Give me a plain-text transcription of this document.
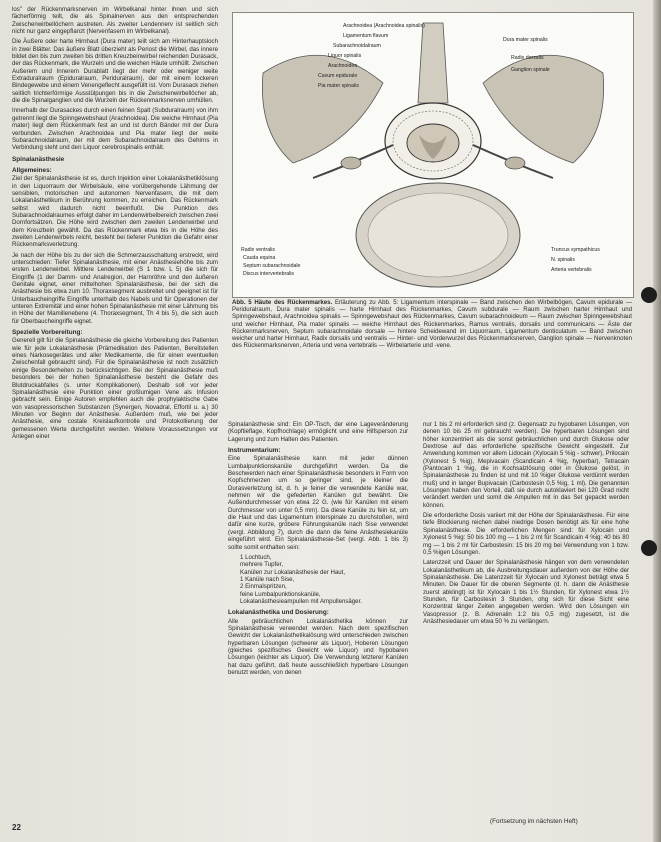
los" der Rückenmarksnerven im Wirbelkanal hinter ihnen und sich fächerförmig teilt, die als Spinalnerven aus den entsprechenden Zwischenwirbellöchern austreten. Als zweiter Lendennerv ist seitlich sich nicht nur ganz eingepflanzt (Nervenfasern im Wirbelkanal).

Die Äußere oder harte Hirnhaut (Dura mater) teilt sich am Hinterhauptsloch in zwei Blätter. Das äußere Blatt überzieht als Periost die Wirbel, das innere bildet den bis zum zweiten bis dritten Kreuzbeinwirbel reichenden Durasack, der das Rückenmark, die Wurzeln und die weichen Häute umhüllt. Zwischen Außerem und Innerem Durablatt liegt der mehr oder weniger weite Extraduralraum (Epiduralraum, Periduralraum), der mit einem lockeren Bindegewebe und einem Venengeflecht ausgefüllt ist. Vom Durasack ziehen seitlich trichterförmige Ausstülpungen bis in die Zwischenwirbellöcher ab, die die Spinalganglien und die Wurzeln der Rückenmarksnerven umhüllen.

Innerhalb der Durasackes durch einen feinen Spalt (Subduralraum) von ihm getrennt liegt die Spinngewebshaut (Arachnoidea). Die weiche Hirnhaut (Pia mater) liegt dem Rückenmark fest an und ist durch Bänder mit der Dura verbunden. Zwischen Arachnoidea und Pia mater liegt der weite Subarachnoidalraum, der mit dem Subarachnoidalraum des Gehirns in Verbindung steht und den Liquor cerebrospinalis enthält.

Spinalanästhesie
Allgemeines:

Ziel der Spinalanästhesie ist es, durch Injektion einer Lokalanästhetiklösung in den Liquorraum der Wirbelsäule, eine vorübergehende Lähmung der sensiblen, motorischen und autonomen Nervenfasern, die mit dem Lokalanästhetikum in Berührung kommen, zu erreichen. Das Rückenmark selbst wird dadurch nicht beeinflußt. Die Punktion des Subarachnoidalraumes erfolgt daher im Lendenwirbelbereich zwischen zwei Dornfortsätzen. Die Höhe wird zwischen dem zweiten Lendenwirbel und dem Kreuzbein gewählt. Da das Rückenmark etwa bis in die Höhe des zweiten Lendenwirbels reicht, besteht bei tieferer Punktion die Gefahr einer Rückenmarksverletzung.

Je nach der Höhe bis zu der sich die Schmerzausschaltung erstreckt, wird unterschieden: Tiefer Spinalanästhesie, mit einer Anästhesiehöhe bis zum ersten Lendenwirbel. Mittlere Lendenwirbel (S 1 bzw. L 5) die sich für Eingriffe (1 der Damm- und Analregion, der Harnröhre und den äußeren Genitale eignet, einer mittelhohen Spinalanästhesie, bei der sich die Anästhesie bis etwa zum 10. Thoraxsegment ausbreitet und geeignet ist für Unterbaucheingriffe Eingriffe unterhalb des Nabels und für Operationen der unteren Extremität und einer hohen Spinalanästhesie mit einer Lähmung bis in Höhe der Mamillenebene (4. Thoraxsegment, Th 4 bis 5), die sich auch für Oberbaucheingriffe eignet.

Spezielle Vorbereitung:

Generell gilt für die Spinalanästhesie die gleiche Vorbereitung des Patienten wie für jede Lokalanästhesie (Prämedikation des Patienten, Bereitstellen eines Narkosegerätes und aller Medikamente, die für einen eventuellen Zwischenfall gebraucht sind). Für die Spinalanästhesie ist noch zusätzlich einige Besonderheiten zu berücksichtigen. Bei der Spinalanästhesie muß besonders bei der hohen Spinalanästhesie besteht die Gefahr des Blutdruckabfalles (s. unter Komplikationen). Deshalb soll vor jeder Spinalanästhesie eine Punktion einer großlumigen Vene als Infusion gebracht sein. Einige Autoren empfehlen auch die prophylaktische Gabe von vasopressorischen Substanzen (Synergen, Novadral, Effortil u. a.) 30 Minuten vor Beginn der Anästhesie. Außerdem muß, wie bei jeder Anästhesie, eine costale Kreislaufkontrolle und Protokollierung der gemessenen Werte durchgeführt werden. Weitere Voraussetzungen vor Anlegen einer

Arachnoidea (Arachnoidea spinalis)
Dura mater spinalis
Ligamentum flavum
Subarachnoidalraum
Liquor spinalis
Arachnoidea
Cavum epidurale
Pia mater spinalis
Radix dorsalis
Ganglion spinale
Radix ventralis
Cauda equina
Septum subarachnoidale
Discus intervertebralis
Truncus sympathicus
N. spinalis
Arteria vertebralis
Abb. 5 Häute des Rückenmarkes. Erläuterung zu Abb. 5: Ligamentum interspinale — Band zwischen den Wirbelbögen, Cavum epidurale — Periduralraum, Dura mater spinalis — harte Hirnhaut des Rückenmarkes, Cavum subdurale — Raum zwischen harter Hirnhaut und Spinngewebshaut, Arachnoidea spinalis — Spinngewebshaut des Rückenmarkes, Cavum subarachnoideum — Raum zwischen Spinngewebshaut und weicher Hirnhaut, Pia mater spinalis — weiche Hirnhaut des Rückenmarkes, Ramus ventralis, dorsalis und communicans — Äste der Rückenmarksnerven, Septum subarachnoidale dorsale — hintere Scheidewand im Liquorraum, Ligamentum denticulatum — Band zwischen weicher und harter Hirnhaut, Radix dorsalis und ventralis — Hinter- und Vorderwurzel des Rückenmarksnerven, Ganglion spinale — Nervenknoten des Rückenmarksnerven, Arteria und vena vertebralis — Wirbelarterie und -vene.

Spinalanästhesie sind: Ein OP-Tisch, der eine Lageveränderung (Kopftieflage, Kopfhochlage) ermöglicht und eine Hilfsperson zur Lagerung und zum Halten des Patienten.

Instrumentarium:

Eine Spinalanästhesie kann mit jeder dünnen Lumbalpunktionskanüle durchgeführt werden. Da die Beschwerden nach einer Spinalanästhesie besonders in Form von Kopfschmerzen um so geringer sind, je kleiner die Durasverletzung ist, d. h. je feiner die verwendete Kanüle war, nehmen wir die gefederten Kanülen gut bewährt. Die Außendurchmesser von etwa 22 G. (wie für Kanülen mit einem Durchmesser von unter 0,5 mm). Da diese Kanüle zu fein ist, um die Haut und das Ligamentum interspinale zu durchstoßen, wird dafür eine kurze, gröbere Führungskanüle nach Sise verwendet (vergl. Abbildung 7), durch die dann die feine Anästhesiekanüle eingeführt wird. Ein Spinalanästhesie-Set (vergl. Abb. 1 bis 3) sollte somit enthalten sein:

1 Lochtuch,
mehrere Tupfer,
Kanülen zur Lokalanästhesie der Haut,
1 Kanüle nach Sise,
2 Einmalspritzen,
feine Lumbalpunktionskanüle,
Lokalanästhesieampullen mit Ampullensäger.
Lokalanästhetika und Dosierung:

Alle gebräuchlichen Lokalanästhetika können zur Spinalanästhesie verwendet werden. Nach dem spezifischen Gewicht der Lokalanästhetikalösung wird unterschieden zwischen hyperbaren Lösungen (schwerer als Liquor), Hoberen Lösungen (gleiches spezifisches Gewicht wie Liquor) und hypobaren Lösungen (leichter als Liquor). Die Verwendung letzterer Kanülen hat dazu geführt, daß heute ausschließlich hyperbare Lösungen benutzt werden, von denen

nur 1 bis 2 ml erforderlich sind (z. Gegensatz zu hypobaren Lösungen, von denen 10 bis 25 ml gebraucht werden). Die hyperbaren Lösungen sind höher konzentriert als die sonst gebräuchlichen und durch Glukose oder Dextrose auf das erforderliche spezifische Gewicht eingestellt. Zur Anwendung kommen vor allem Lidocain (Xylocain 5 %ig - schwer), Prilocain (Xylonest 5 %ig), Mepivacain (Scandicain 4 %ig, hyperbar), Tetracain (Pantocain 1 %ig, die in Kochsalzlösung oder in Glukose gelöst, in Spinalanästhesie zu finden ist und mit 10 %iger Glukose verdünnt werden muß) und in langer Bupivacain (Carbostesin 0,5 %ig, 1 ml). Die genannten Lösungen haben den Vorteil, daß sie durch autoklaviert bei 120 Grad nicht verändert werden und somit die Ampullen mit in das Set gepackt werden können.

Die erforderliche Dosis variiert mit der Höhe der Spinalanästhesie. Für eine tiefe Blockierung reichen dabei niedrige Dosen benötigt als für eine hohe Spinalanästhesie. Die erforderlichen Mengen sind: für Xylocain und Xylonest 5 %ig: 50 bis 100 mg — 1 bis 2 ml für Scandicain 4 %ig: 40 bis 80 mg — 1 bis 2 ml für Carbostesin: 15 bis 20 mg bei Verwendung von 1 bzw. 0,5 %igen Lösungen.

Latenzzeit und Dauer der Spinalanästhesie hängen von dem verwendeten Lokalanästhetikum ab, die Ausbreitungsdauer außerdem von der Höhe der Spinalanästhesie. Die Latenzzeit für Xylocain und Xylonest beträgt etwa 5 Minuten. Die Dauer für die oberen Segmente (d. h. dann die Anästhesie zuerst abklingt) ist für Xylocain 1 bis 1½ Stunden, für Xylonest etwa 1½ Stunden, für Carbostesin 3 Stunden, ohg sich für diese Sicht eine Konzentrat länger Zeiten angegeben werden. Wird den Lösungen ein Vasopressor (z. B. Adrenalin 1:2 bis 0,5 mg) zugesetzt, ist die Anästhesiedauer um etwa 50 % zu verlängern.

(Fortsetzung im nächsten Heft)
22
